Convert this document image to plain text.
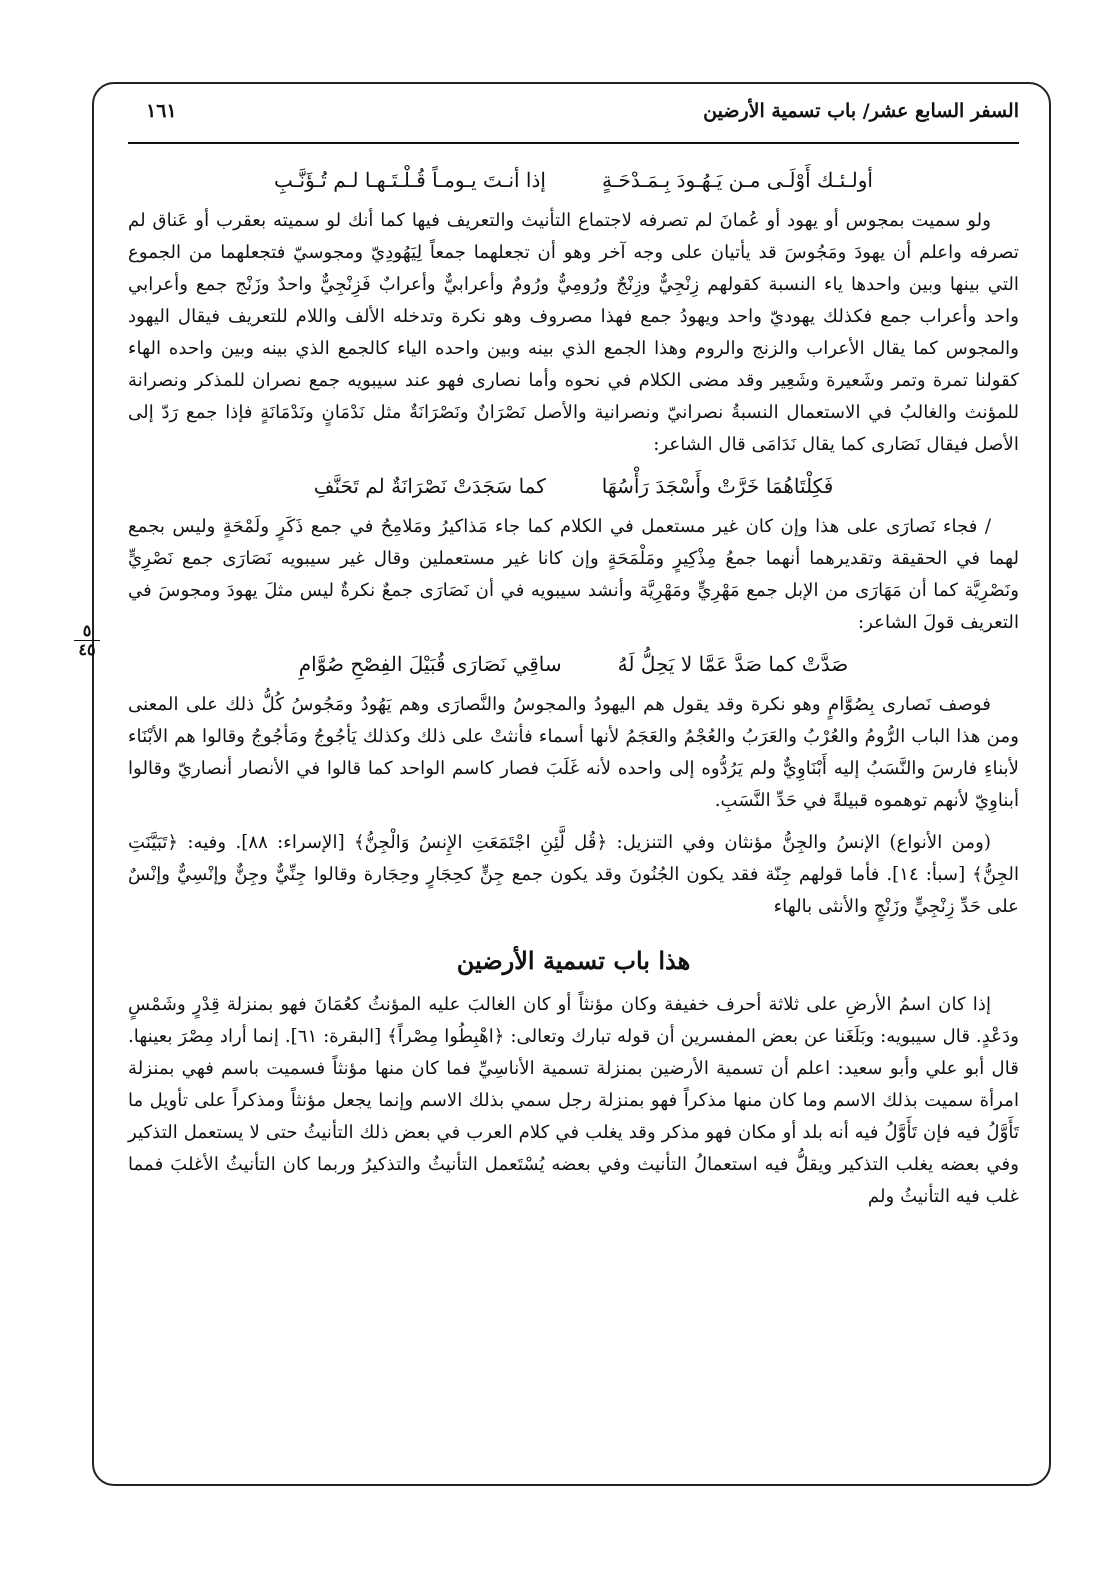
السفر السابع عشر/ باب تسمية الأرضين
١٦١
٥
٤٥
أولـئـك أَوْلَـى مـن يَـهُـودَ بِـمَـدْحَـةٍ
إذا أنـتَ يـومـاً قُـلْـتَـهـا لـم تُـؤَنَّـبِ

ولو سميت بمجوس أو يهود أو عُمانَ لم تصرفه لاجتماع التأنيث والتعريف فيها كما أنك لو سميته بعقرب أو عَناق لم تصرفه واعلم أن يهودَ ومَجُوسَ قد يأتيان على وجه آخر وهو أن تجعلهما جمعاً لِيَهُودِيّ ومجوسيّ فتجعلهما من الجموع التي بينها وبين واحدها ياء النسبة كقولهم زِنْجِيٌّ وزِنْجٌ ورُومِيٌّ ورُومٌ وأعرابيٌّ وأعرابٌ فَزِنْجِيٌّ واحدٌ وزَنْج جمع وأعرابي واحد وأعراب جمع فكذلك يهوديّ واحد ويهودُ جمع فهذا مصروف وهو نكرة وتدخله الألف واللام للتعريف فيقال اليهود والمجوس كما يقال الأعراب والزنج والروم وهذا الجمع الذي بينه وبين واحده الياء كالجمع الذي بينه وبين واحده الهاء كقولنا تمرة وتمر وشَعيرة وشَعِير وقد مضى الكلام في نحوه وأما نصارى فهو عند سيبويه جمع نصران للمذكر ونصرانة للمؤنث والغالبُ في الاستعمال النسبةُ نصرانيّ ونصرانية والأصل نَصْرَانٌ ونَصْرَانَةٌ مثل نَدْمَانٍ ونَدْمَانَةٍ فإذا جمع رَدّ إلى الأصل فيقال نَصَارى كما يقال نَدَامَى قال الشاعر:

فَكِلْتَاهُمَا خَرَّتْ وأَسْجَدَ رَأْسُهَا
كما سَجَدَتْ نَصْرَانَةٌ لم تَحَنَّفِ

/ فجاء نَصارَى على هذا وإن كان غير مستعمل في الكلام كما جاء مَذاكيرُ ومَلامِحُ في جمع ذَكَرٍ ولَمْحَةٍ وليس بجمع لهما في الحقيقة وتقديرهما أنهما جمعُ مِذْكِيرٍ ومَلْمَحَةٍ وإن كانا غير مستعملين وقال غير سيبويه نَصَارَى جمع نَصْرِيٍّ ونَصْرِيَّة كما أن مَهَارَى من الإبل جمع مَهْرِيٍّ ومَهْرِيَّة وأنشد سيبويه في أن نَصَارَى جمعٌ نكرةٌ ليس مثلَ يهودَ ومجوسَ في التعريف قولَ الشاعر:

صَدَّتْ كما صَدَّ عَمَّا لا يَحِلُّ لَهُ
ساقِي نَصَارَى قُبَيْلَ الفِصْحِ صُوَّامِ

فوصف نَصارى بِصُوَّامٍ وهو نكرة وقد يقول هم اليهودُ والمجوسُ والنَّصارَى وهم يَهُودُ ومَجُوسُ كُلُّ ذلك على المعنى ومن هذا الباب الرُّومُ والعُرْبُ والعَرَبُ والعُجْمُ والعَجَمُ لأنها أسماء فأنثتْ على ذلك وكذلك يَأجُوجُ ومَأجُوجُ وقالوا هم الأبْنَاء لأبناءِ فارسَ والنَّسَبُ إليه أَبْنَاوِيٌّ ولم يَرُدُّوه إلى واحده لأنه غَلَبَ فصار كاسم الواحد كما قالوا في الأنصار أنصاريّ وقالوا أبناوِيّ لأنهم توهموه قبيلةً في حَدِّ النَّسَبِ.

(ومن الأنواع) الإنسُ والجِنُّ مؤنثان وفي التنزيل: ﴿قُل لَّئِنِ اجْتَمَعَتِ الإِنسُ وَالْجِنُّ﴾ [الإسراء: ٨٨]. وفيه: ﴿تَبَيَّنَتِ الجِنُّ﴾ [سبأ: ١٤]. فأما قولهم جِنّة فقد يكون الجُنُونَ وقد يكون جمع جِنٍّ كحِجَارٍ وحِجَارة وقالوا جِنِّيٌّ وجِنٌّ وإنْسِيٌّ وإنْسٌ على حَدِّ زِنْجِيٍّ وزَنْجٍ والأنثى بالهاء

هذا باب تسمية الأرضين

إذا كان اسمُ الأرضِ على ثلاثة أحرف خفيفة وكان مؤنثاً أو كان الغالبَ عليه المؤنثُ كعُمَانَ فهو بمنزلة قِدْرٍ وشَمْسٍ ودَعْدٍ. قال سيبويه: وبَلَغَنا عن بعض المفسرين أن قوله تبارك وتعالى: ﴿اهْبِطُوا مِصْراً﴾ [البقرة: ٦١]. إنما أراد مِصْرَ بعينها. قال أبو علي وأبو سعيد: اعلم أن تسمية الأرضين بمنزلة تسمية الأناسِيِّ فما كان منها مؤنثاً فسميت باسم فهي بمنزلة امرأة سميت بذلك الاسم وما كان منها مذكراً فهو بمنزلة رجل سمي بذلك الاسم وإنما يجعل مؤنثاً ومذكراً على تأويل ما تَأَوَّلُ فيه فإن تَأَوَّلُ فيه أنه بلد أو مكان فهو مذكر وقد يغلب في كلام العرب في بعض ذلك التأنيثُ حتى لا يستعمل التذكير وفي بعضه يغلب التذكير ويقلُّ فيه استعمالُ التأنيث وفي بعضه يُسْتَعمل التأنيثُ والتذكيرُ وربما كان التأنيثُ الأغلبَ فمما غلب فيه التأنيثُ ولم
